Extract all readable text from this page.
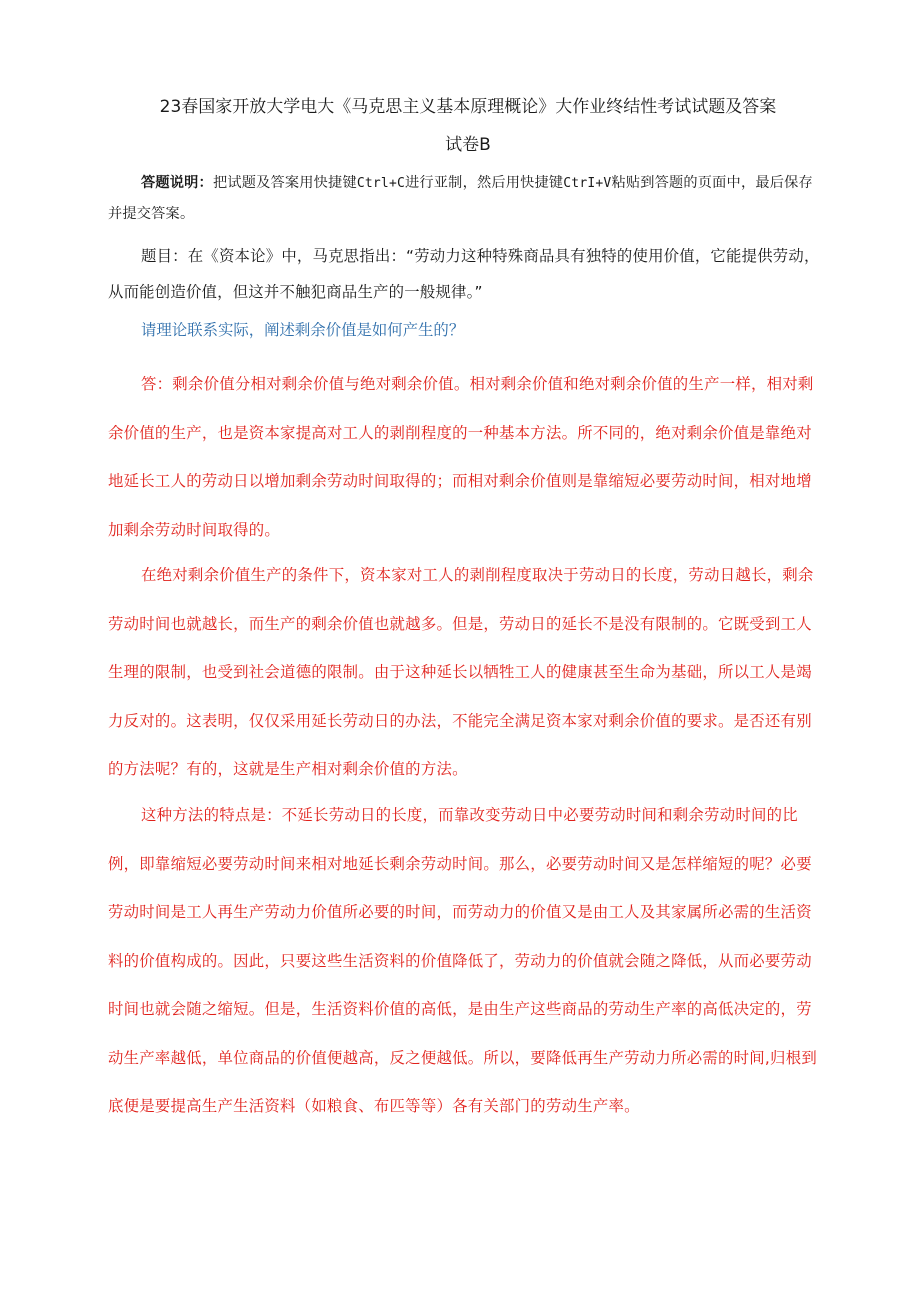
23春国家开放大学电大《马克思主义基本原理概论》大作业终结性考试试题及答案
试卷B

答题说明：把试题及答案用快捷键Ctrl+C进行亚制，然后用快捷键CtrI+V粘贴到答题的页面中，最后保存并提交答案。

题目：在《资本论》中，马克思指出：“劳动力这种特殊商品具有独特的使用价值，它能提供劳动，从而能创造价值，但这并不触犯商品生产的一般规律。”

请理论联系实际，阐述剩余价值是如何产生的？

答：剩余价值分相对剩余价值与绝对剩余价值。相对剩余价值和绝对剩余价值的生产一样，相对剩余价值的生产，也是资本家提高对工人的剥削程度的一种基本方法。所不同的，绝对剩余价值是靠绝对地延长工人的劳动日以增加剩余劳动时间取得的；而相对剩余价值则是靠缩短必要劳动时间，相对地增加剩余劳动时间取得的。

在绝对剩余价值生产的条件下，资本家对工人的剥削程度取决于劳动日的长度，劳动日越长，剩余劳动时间也就越长，而生产的剩余价值也就越多。但是，劳动日的延长不是没有限制的。它既受到工人生理的限制，也受到社会道德的限制。由于这种延长以牺牲工人的健康甚至生命为基础，所以工人是竭力反对的。这表明，仅仅采用延长劳动日的办法，不能完全满足资本家对剩余价值的要求。是否还有别的方法呢？有的，这就是生产相对剩余价值的方法。

这种方法的特点是：不延长劳动日的长度，而靠改变劳动日中必要劳动时间和剩余劳动时间的比例，即靠缩短必要劳动时间来相对地延长剩余劳动时间。那么，必要劳动时间又是怎样缩短的呢？必要劳动时间是工人再生产劳动力价值所必要的时间，而劳动力的价值又是由工人及其家属所必需的生活资料的价值构成的。因此，只要这些生活资料的价值降低了，劳动力的价值就会随之降低，从而必要劳动时间也就会随之缩短。但是，生活资料价值的高低，是由生产这些商品的劳动生产率的高低决定的，劳动生产率越低，单位商品的价值便越高，反之便越低。所以，要降低再生产劳动力所必需的时间,归根到底便是要提高生产生活资料（如粮食、布匹等等）各有关部门的劳动生产率。
